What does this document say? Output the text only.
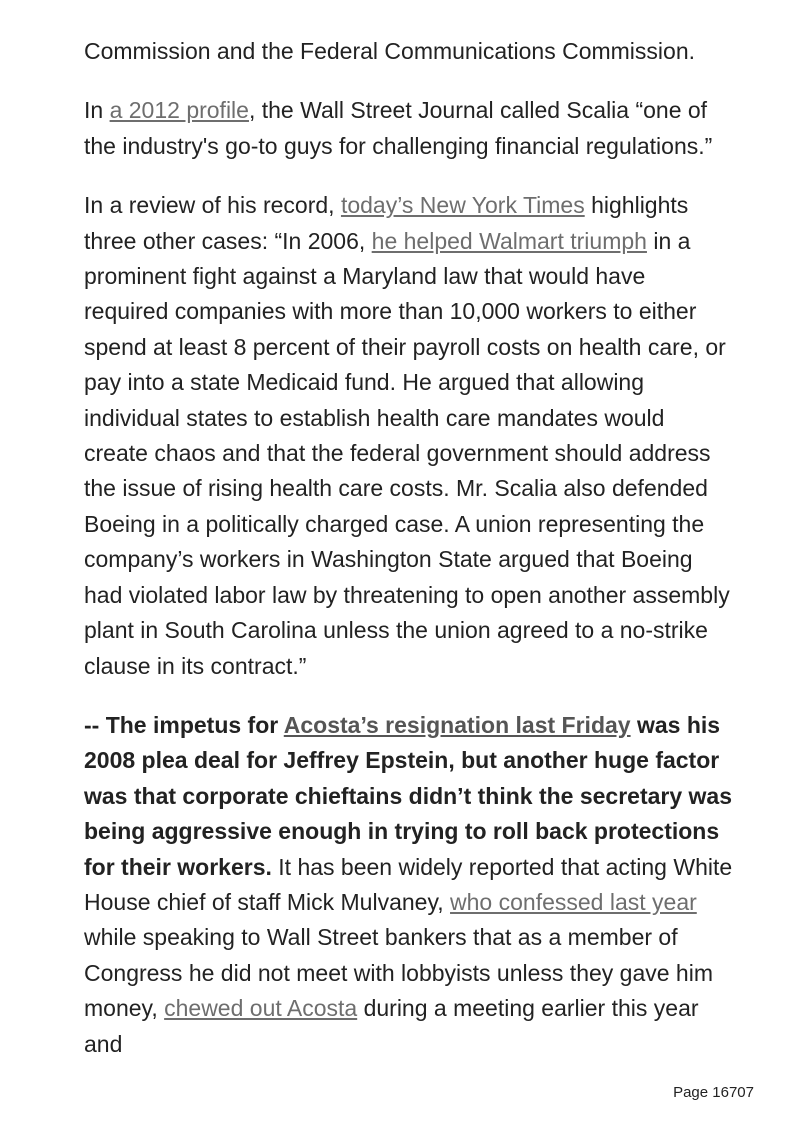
Commission and the Federal Communications Commission.

In a 2012 profile, the Wall Street Journal called Scalia “one of the industry's go-to guys for challenging financial regulations.”

In a review of his record, today’s New York Times highlights three other cases: “In 2006, he helped Walmart triumph in a prominent fight against a Maryland law that would have required companies with more than 10,000 workers to either spend at least 8 percent of their payroll costs on health care, or pay into a state Medicaid fund. He argued that allowing individual states to establish health care mandates would create chaos and that the federal government should address the issue of rising health care costs. Mr. Scalia also defended Boeing in a politically charged case. A union representing the company’s workers in Washington State argued that Boeing had violated labor law by threatening to open another assembly plant in South Carolina unless the union agreed to a no-strike clause in its contract.”

-- The impetus for Acosta’s resignation last Friday was his 2008 plea deal for Jeffrey Epstein, but another huge factor was that corporate chieftains didn’t think the secretary was being aggressive enough in trying to roll back protections for their workers. It has been widely reported that acting White House chief of staff Mick Mulvaney, who confessed last year while speaking to Wall Street bankers that as a member of Congress he did not meet with lobbyists unless they gave him money, chewed out Acosta during a meeting earlier this year and

Page 16707
